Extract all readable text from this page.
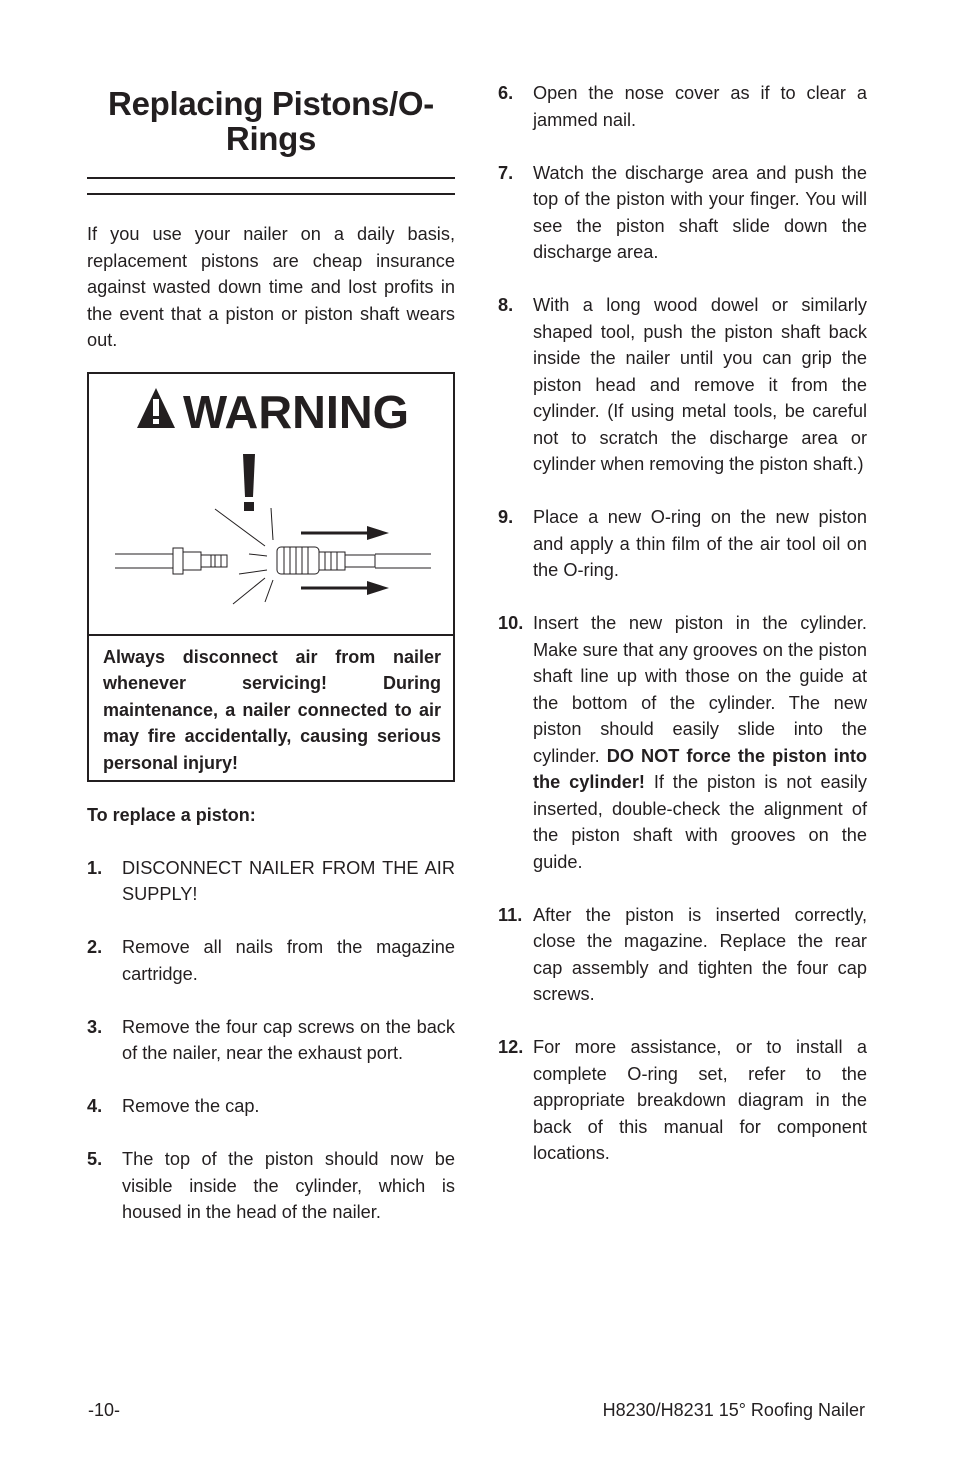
Replacing Pistons/O-Rings

If you use your nailer on a daily basis, replacement pistons are cheap insurance against wasted down time and lost profits in the event that a piston or piston shaft wears out.

WARNING
Always disconnect air from nailer whenever servicing! During maintenance, a nailer connected to air may fire accidentally, causing serious personal injury!
To replace a piston:
1.	DISCONNECT NAILER FROM THE AIR SUPPLY!
2.	Remove all nails from the magazine cartridge.
3.	Remove the four cap screws on the back of the nailer, near the exhaust port.
4.	Remove the cap.
5.	The top of the piston should now be visible inside the cylinder, which is housed in the head of the nailer.
6.	Open the nose cover as if to clear a jammed nail.
7.	Watch the discharge area and push the top of the piston with your finger. You will see the piston shaft slide down the discharge area.
8.	With a long wood dowel or similarly shaped tool, push the piston shaft back inside the nailer until you can grip the piston head and remove it from the cylinder. (If using metal tools, be careful not to scratch the discharge area or cylinder when removing the piston shaft.)
9.	Place a new O-ring on the new piston and apply a thin film of the air tool oil on the O-ring.
10. Insert the new piston in the cylinder. Make sure that any grooves on the piston shaft line up with those on the guide at the bottom of the cylinder. The new piston should easily slide into the cylinder. DO NOT force the piston into the cylinder! If the piston is not easily inserted, double-check the alignment of the piston shaft with grooves on the guide.
11. After the piston is inserted correctly, close the magazine. Replace the rear cap assembly and tighten the four cap screws.
12. For more assistance, or to install a complete O-ring set, refer to the appropriate breakdown diagram in the back of this manual for component locations.
-10-	H8230/H8231 15° Roofing Nailer
